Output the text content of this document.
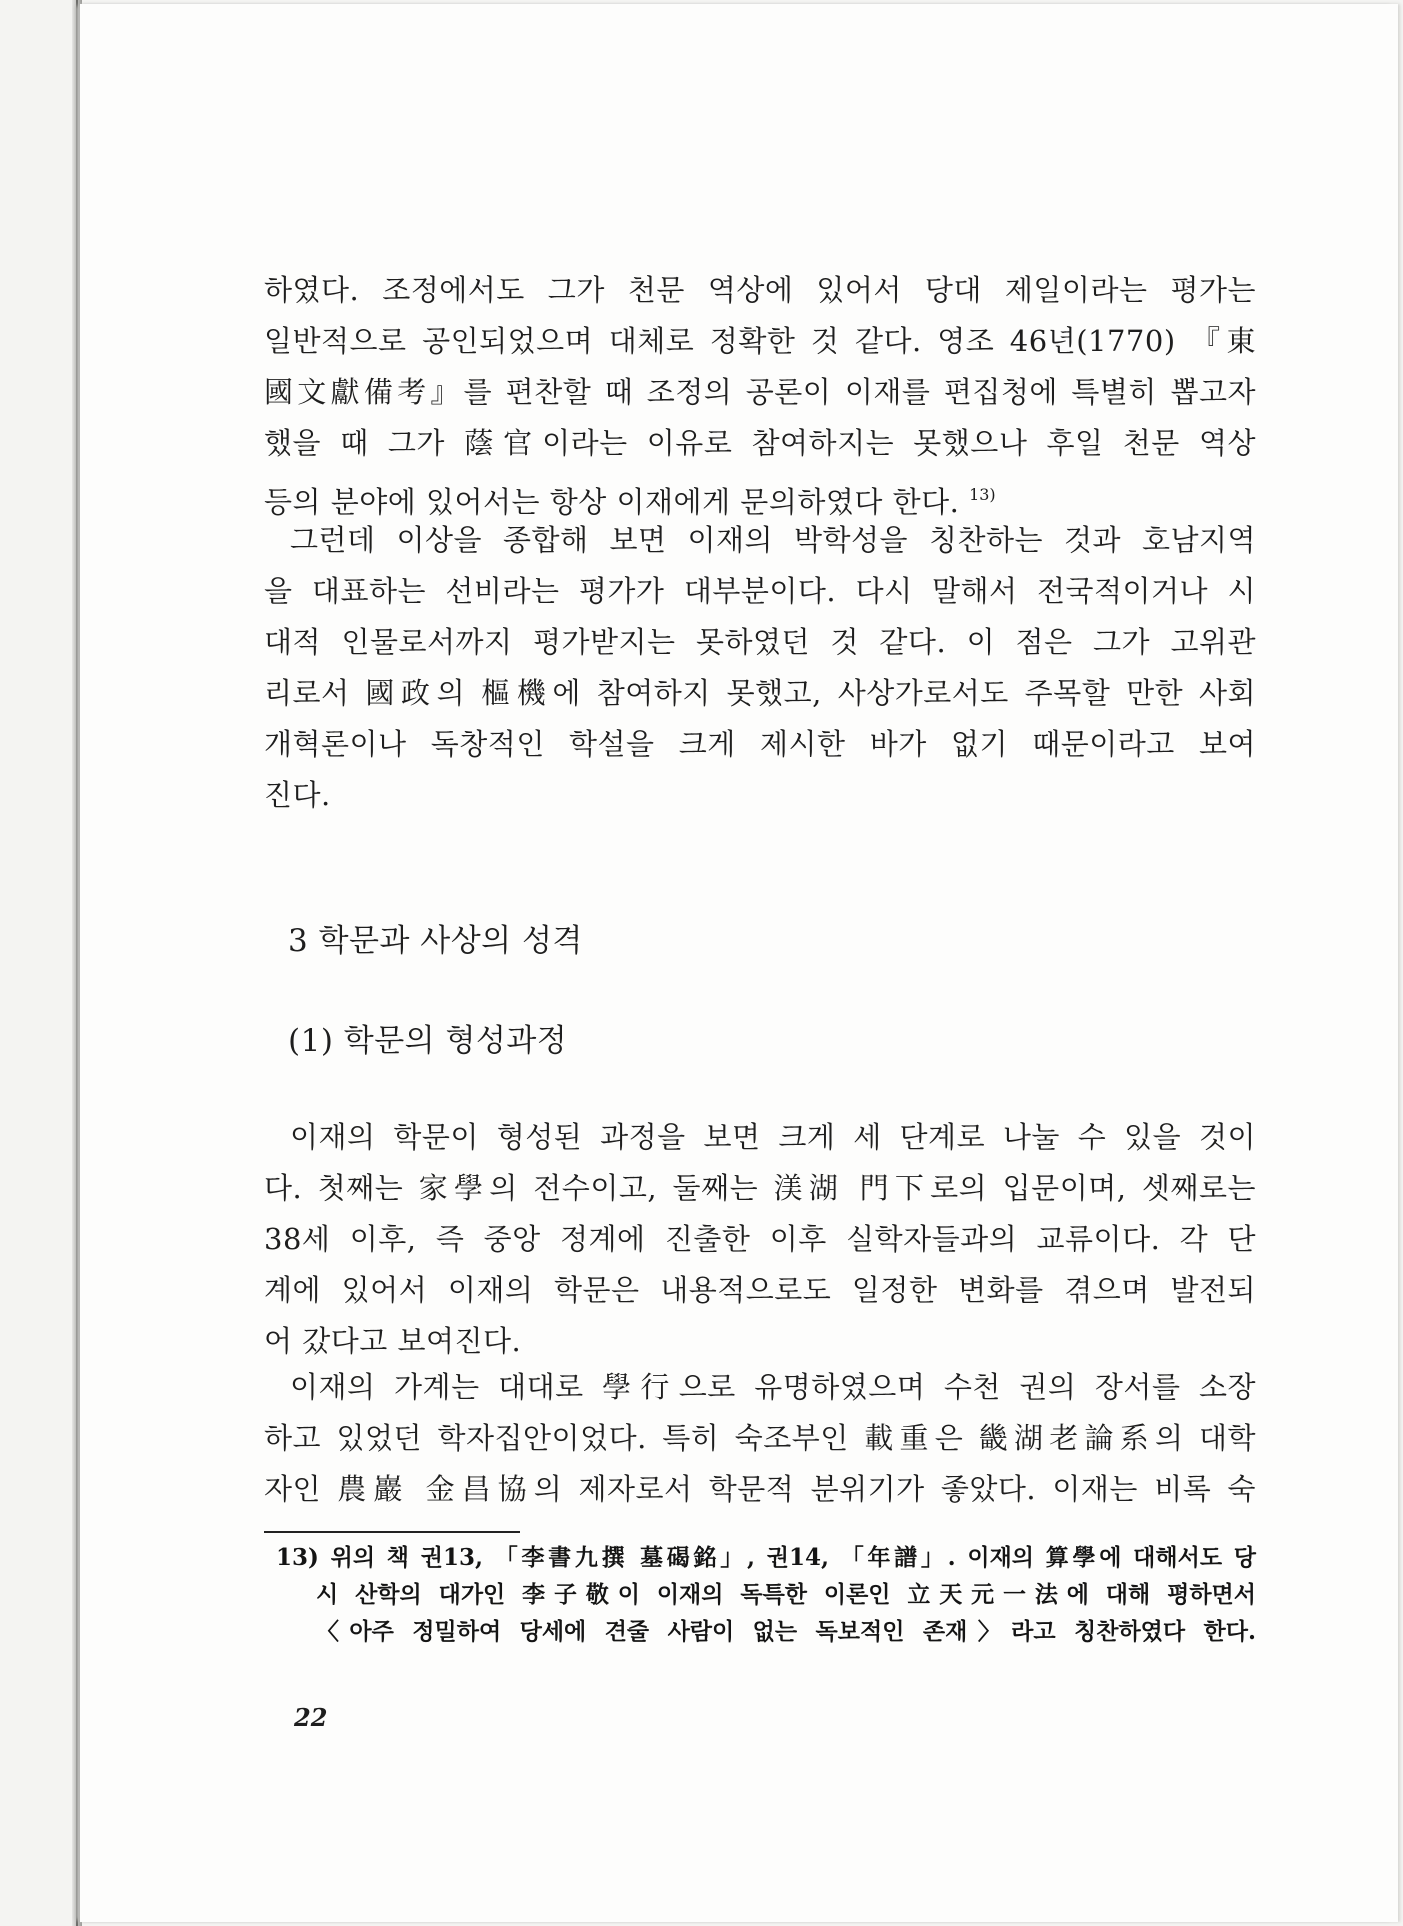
하였다. 조정에서도 그가 천문 역상에 있어서 당대 제일이라는 평가는
일반적으로 공인되었으며 대체로 정확한 것 같다. 영조 46년(1770) 『東
國文獻備考』를 편찬할 때 조정의 공론이 이재를 편집청에 특별히 뽑고자
했을 때 그가 蔭官이라는 이유로 참여하지는 못했으나 후일 천문 역상
등의 분야에 있어서는 항상 이재에게 문의하였다 한다. $^{13)}$
그런데 이상을 종합해 보면 이재의 박학성을 칭찬하는 것과 호남지역
을 대표하는 선비라는 평가가 대부분이다. 다시 말해서 전국적이거나 시
대적 인물로서까지 평가받지는 못하였던 것 같다. 이 점은 그가 고위관
리로서 國政의 樞機에 참여하지 못했고, 사상가로서도 주목할 만한 사회
개혁론이나 독창적인 학설을 크게 제시한 바가 없기 때문이라고 보여
진다.
3 학문과 사상의 성격
(1) 학문의 형성과정
이재의 학문이 형성된 과정을 보면 크게 세 단계로 나눌 수 있을 것이
다. 첫째는 家學의 전수이고, 둘째는 渼湖 門下로의 입문이며, 셋째로는
38세 이후, 즉 중앙 정계에 진출한 이후 실학자들과의 교류이다. 각 단
계에 있어서 이재의 학문은 내용적으로도 일정한 변화를 겪으며 발전되
어 갔다고 보여진다.
이재의 가계는 대대로 學行으로 유명하였으며 수천 권의 장서를 소장
하고 있었던 학자집안이었다. 특히 숙조부인 載重은 畿湖老論系의 대학
자인 農巖 金昌協의 제자로서 학문적 분위기가 좋았다. 이재는 비록 숙
13) 위의 책 권13, 「李書九撰 墓碣銘」, 권14, 「年譜」. 이재의 算學에 대해서도 당
시 산학의 대가인 李子敬이 이재의 독특한 이론인 立天元一法에 대해 평하면서
〈아주 정밀하여 당세에 견줄 사람이 없는 독보적인 존재〉라고 칭찬하였다 한다.
22
